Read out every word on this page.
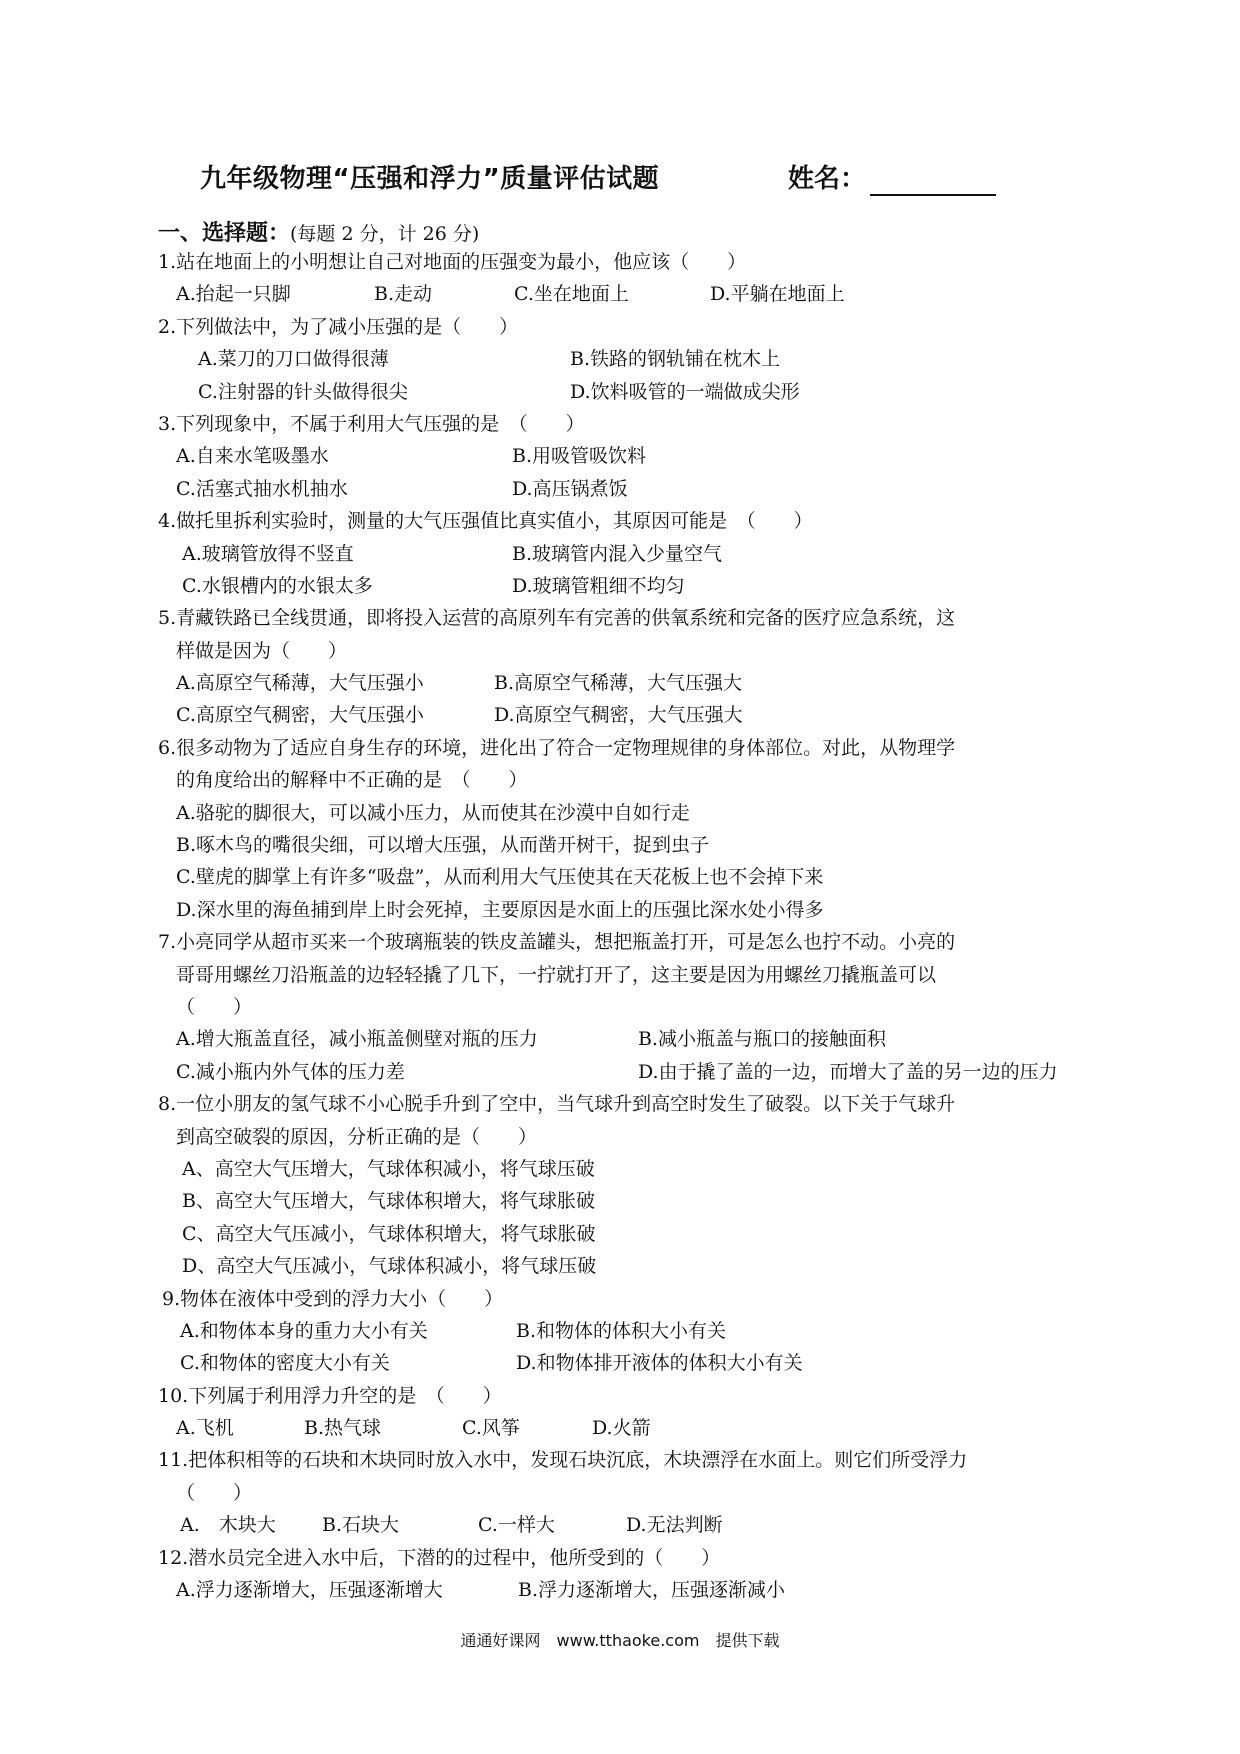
九年级物理“压强和浮力”质量评估试题	姓名：
一、选择题：(每题 2 分，计 26 分)
1.站在地面上的小明想让自己对地面的压强变为最小，他应该（　　）
A.抬起一只脚	B.走动	C.坐在地面上	D.平躺在地面上
2.下列做法中，为了减小压强的是（　　）
A.菜刀的刀口做得很薄	B.铁路的钢轨铺在枕木上
C.注射器的针头做得很尖	D.饮料吸管的一端做成尖形
3.下列现象中，不属于利用大气压强的是　（　　）
A.自来水笔吸墨水	B.用吸管吸饮料
C.活塞式抽水机抽水	D.高压锅煮饭
4.做托里拆利实验时，测量的大气压强值比真实值小，其原因可能是　（　　）
A.玻璃管放得不竖直	B.玻璃管内混入少量空气
C.水银槽内的水银太多	D.玻璃管粗细不均匀
5.青藏铁路已全线贯通，即将投入运营的高原列车有完善的供氧系统和完备的医疗应急系统，这
样做是因为（　　）
A.高原空气稀薄，大气压强小	B.高原空气稀薄，大气压强大
C.高原空气稠密，大气压强小	D.高原空气稠密，大气压强大
6.很多动物为了适应自身生存的环境，进化出了符合一定物理规律的身体部位。对此，从物理学
的角度给出的解释中不正确的是　（　　）
A.骆驼的脚很大，可以减小压力，从而使其在沙漠中自如行走
B.啄木鸟的嘴很尖细，可以增大压强，从而凿开树干，捉到虫子
C.壁虎的脚掌上有许多“吸盘”，从而利用大气压使其在天花板上也不会掉下来
D.深水里的海鱼捕到岸上时会死掉，主要原因是水面上的压强比深水处小得多
7.小亮同学从超市买来一个玻璃瓶装的铁皮盖罐头，想把瓶盖打开，可是怎么也拧不动。小亮的
哥哥用螺丝刀沿瓶盖的边轻轻撬了几下，一拧就打开了，这主要是因为用螺丝刀撬瓶盖可以
（　　）
A.增大瓶盖直径，减小瓶盖侧壁对瓶的压力	B.减小瓶盖与瓶口的接触面积
C.减小瓶内外气体的压力差	D.由于撬了盖的一边，而增大了盖的另一边的压力
8.一位小朋友的氢气球不小心脱手升到了空中，当气球升到高空时发生了破裂。以下关于气球升
到高空破裂的原因，分析正确的是（　　）
A、高空大气压增大，气球体积减小，将气球压破
B、高空大气压增大，气球体积增大，将气球胀破
C、高空大气压减小，气球体积增大，将气球胀破
D、高空大气压减小，气球体积减小，将气球压破
9.物体在液体中受到的浮力大小（　　）
A.和物体本身的重力大小有关	B.和物体的体积大小有关
C.和物体的密度大小有关	D.和物体排开液体的体积大小有关
10.下列属于利用浮力升空的是　（　　）
A.飞机	B.热气球	C.风筝	D.火箭
11.把体积相等的石块和木块同时放入水中，发现石块沉底，木块漂浮在水面上。则它们所受浮力
（　　）
A.　木块大 B.石块大	C.一样大	D.无法判断
12.潜水员完全进入水中后，下潜的的过程中，他所受到的（　　）
A.浮力逐渐增大，压强逐渐增大	B.浮力逐渐增大，压强逐渐减小
通通好课网　www.tthaoke.com　提供下载
